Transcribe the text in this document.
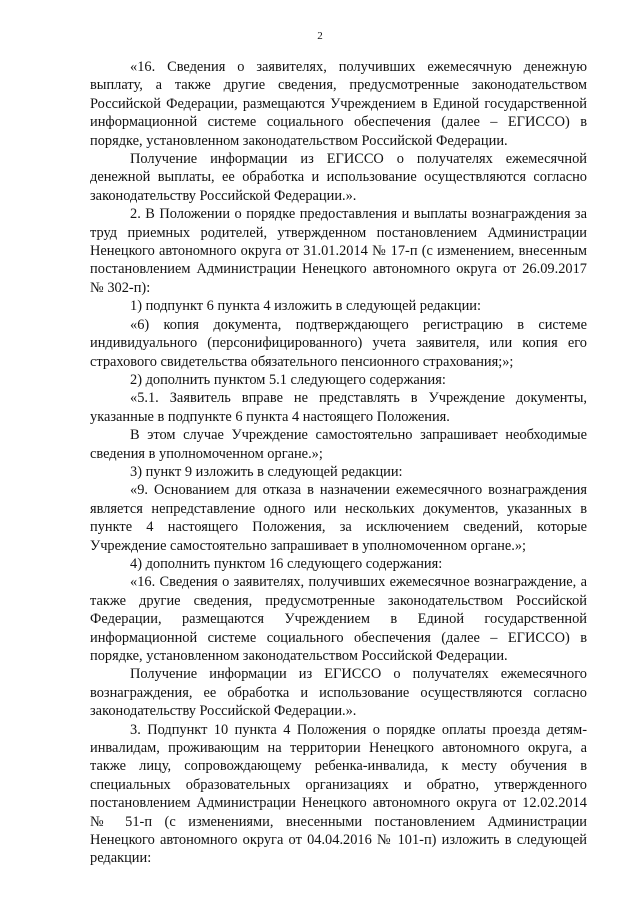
2

«16. Сведения о заявителях, получивших ежемесячную денежную выплату, а также другие сведения, предусмотренные законодательством Российской Федерации, размещаются Учреждением в Единой государственной информационной системе социального обеспечения (далее – ЕГИССО) в порядке, установленном законодательством Российской Федерации.

Получение информации из ЕГИССО о получателях ежемесячной денежной выплаты, ее обработка и использование осуществляются согласно законодательству Российской Федерации.».

2. В Положении о порядке предоставления и выплаты вознаграждения за труд приемных родителей, утвержденном постановлением Администрации Ненецкого автономного округа от 31.01.2014 № 17-п (с изменением, внесенным постановлением Администрации Ненецкого автономного округа от 26.09.2017 № 302-п):

1) подпункт 6 пункта 4 изложить в следующей редакции:

«6) копия документа, подтверждающего регистрацию в системе индивидуального (персонифицированного) учета заявителя, или копия его страхового свидетельства обязательного пенсионного страхования;»;

2) дополнить пунктом 5.1 следующего содержания:

«5.1. Заявитель вправе не представлять в Учреждение документы, указанные в подпункте 6 пункта 4 настоящего Положения.

В этом случае Учреждение самостоятельно запрашивает необходимые сведения в уполномоченном органе.»;

3) пункт 9 изложить в следующей редакции:

«9. Основанием для отказа в назначении ежемесячного вознаграждения является непредставление одного или нескольких документов, указанных в пункте 4 настоящего Положения, за исключением сведений, которые Учреждение самостоятельно запрашивает в уполномоченном органе.»;

4) дополнить пунктом 16 следующего содержания:

«16. Сведения о заявителях, получивших ежемесячное вознаграждение, а также другие сведения, предусмотренные законодательством Российской Федерации, размещаются Учреждением в Единой государственной информационной системе социального обеспечения (далее – ЕГИССО) в порядке, установленном законодательством Российской Федерации.

Получение информации из ЕГИССО о получателях ежемесячного вознаграждения, ее обработка и использование осуществляются согласно законодательству Российской Федерации.».

3. Подпункт 10 пункта 4 Положения о порядке оплаты проезда детям-инвалидам, проживающим на территории Ненецкого автономного округа, а также лицу, сопровождающему ребенка-инвалида, к месту обучения в специальных образовательных организациях и обратно, утвержденного постановлением Администрации Ненецкого автономного округа от 12.02.2014 № 51-п (с изменениями, внесенными постановлением Администрации Ненецкого автономного округа от 04.04.2016 № 101-п) изложить в следующей редакции:
